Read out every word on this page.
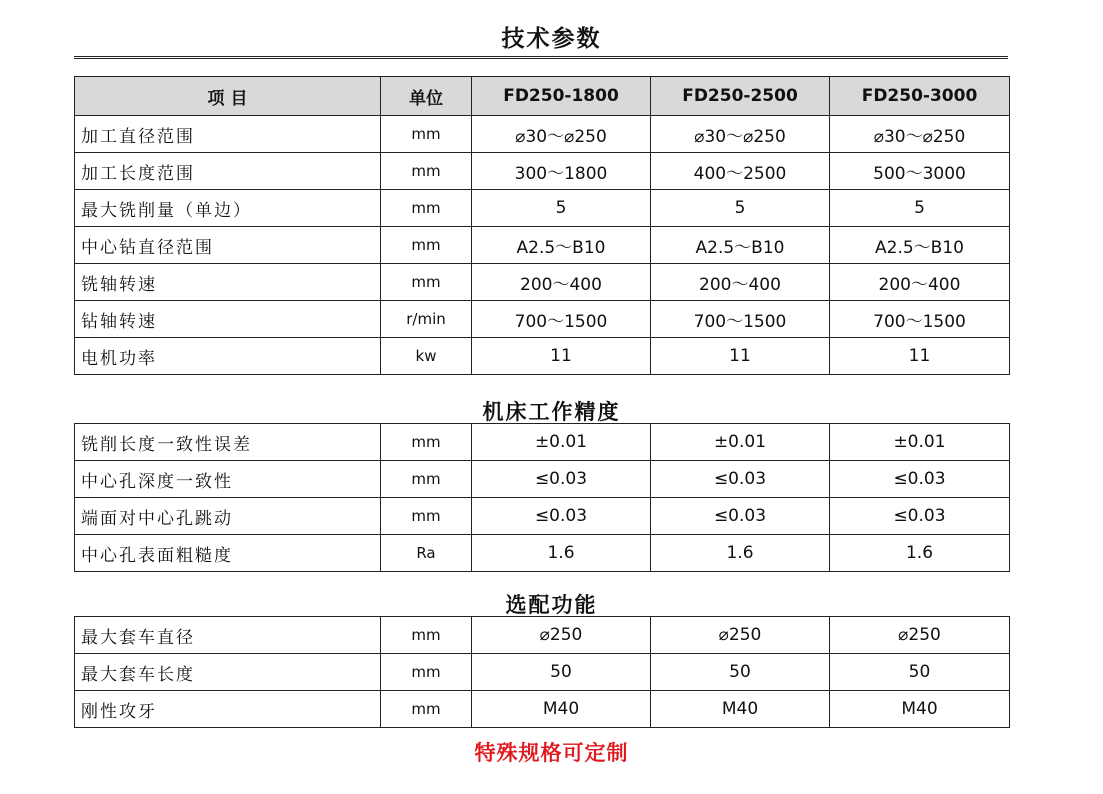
技术参数
项 目	单位	FD250-1800	FD250-2500	FD250-3000
加工直径范围	mm	⌀30～⌀250	⌀30～⌀250	⌀30～⌀250
加工长度范围	mm	300～1800	400～2500	500～3000
最大铣削量（单边）	mm	5	5	5
中心钻直径范围	mm	A2.5～B10	A2.5～B10	A2.5～B10
铣轴转速	mm	200～400	200～400	200～400
钻轴转速	r/min	700～1500	700～1500	700～1500
电机功率	kw	11	11	11
机床工作精度
铣削长度一致性误差	mm	±0.01	±0.01	±0.01
中心孔深度一致性	mm	≤0.03	≤0.03	≤0.03
端面对中心孔跳动	mm	≤0.03	≤0.03	≤0.03
中心孔表面粗糙度	Ra	1.6	1.6	1.6
选配功能
最大套车直径	mm	⌀250	⌀250	⌀250
最大套车长度	mm	50	50	50
刚性攻牙	mm	M40	M40	M40
特殊规格可定制
